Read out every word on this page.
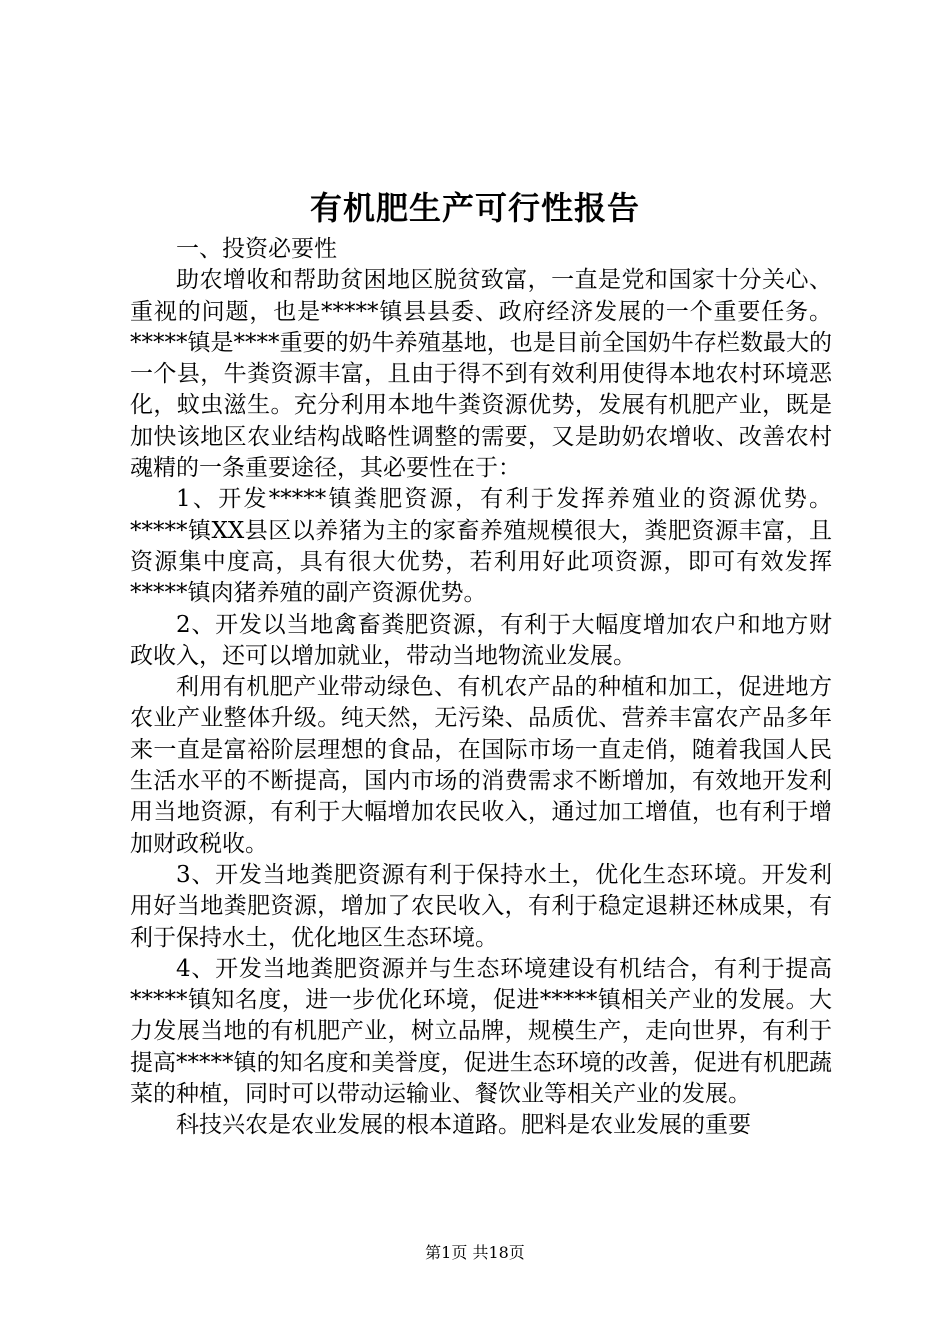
有机肥生产可行性报告

一、投资必要性

助农增收和帮助贫困地区脱贫致富，一直是党和国家十分关心、重视的问题，也是*****镇县县委、政府经济发展的一个重要任务。*****镇是****重要的奶牛养殖基地，也是目前全国奶牛存栏数最大的一个县，牛粪资源丰富，且由于得不到有效利用使得本地农村环境恶化，蚊虫滋生。充分利用本地牛粪资源优势，发展有机肥产业，既是加快该地区农业结构战略性调整的需要，又是助奶农增收、改善农村魂精的一条重要途径，其必要性在于：

1、开发*****镇粪肥资源，有利于发挥养殖业的资源优势。*****镇XX县区以养猪为主的家畜养殖规模很大，粪肥资源丰富，且资源集中度高，具有很大优势，若利用好此项资源，即可有效发挥*****镇肉猪养殖的副产资源优势。

2、开发以当地禽畜粪肥资源，有利于大幅度增加农户和地方财政收入，还可以增加就业，带动当地物流业发展。

利用有机肥产业带动绿色、有机农产品的种植和加工，促进地方农业产业整体升级。纯天然，无污染、品质优、营养丰富农产品多年来一直是富裕阶层理想的食品，在国际市场一直走俏，随着我国人民生活水平的不断提高，国内市场的消费需求不断增加，有效地开发利用当地资源，有利于大幅增加农民收入，通过加工增值，也有利于增加财政税收。

3、开发当地粪肥资源有利于保持水土，优化生态环境。开发利用好当地粪肥资源，增加了农民收入，有利于稳定退耕还林成果，有利于保持水土，优化地区生态环境。

4、开发当地粪肥资源并与生态环境建设有机结合，有利于提高*****镇知名度，进一步优化环境，促进*****镇相关产业的发展。大力发展当地的有机肥产业，树立品牌，规模生产，走向世界，有利于提高*****镇的知名度和美誉度，促进生态环境的改善，促进有机肥蔬菜的种植，同时可以带动运输业、餐饮业等相关产业的发展。

科技兴农是农业发展的根本道路。肥料是农业发展的重要

第1页 共18页
